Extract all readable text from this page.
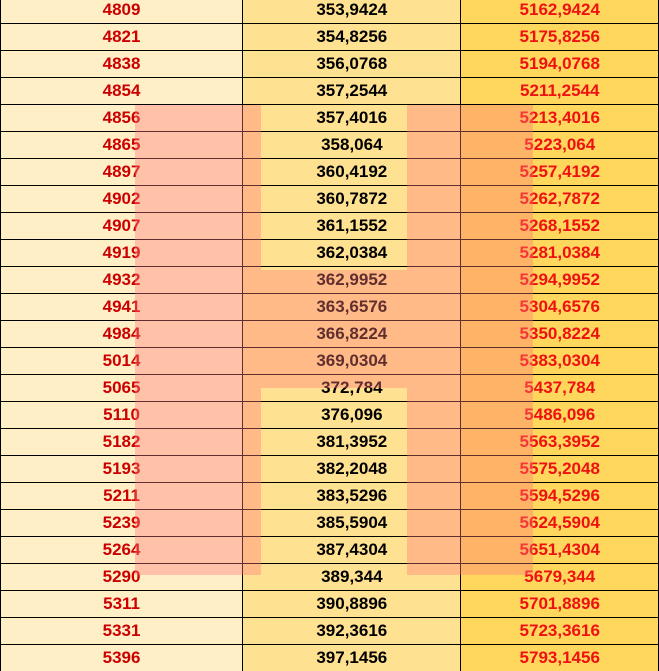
4809	353,9424	5162,9424
4821	354,8256	5175,8256
4838	356,0768	5194,0768
4854	357,2544	5211,2544
4856	357,4016	5213,4016
4865	358,064	5223,064
4897	360,4192	5257,4192
4902	360,7872	5262,7872
4907	361,1552	5268,1552
4919	362,0384	5281,0384
4932	362,9952	5294,9952
4941	363,6576	5304,6576
4984	366,8224	5350,8224
5014	369,0304	5383,0304
5065	372,784	5437,784
5110	376,096	5486,096
5182	381,3952	5563,3952
5193	382,2048	5575,2048
5211	383,5296	5594,5296
5239	385,5904	5624,5904
5264	387,4304	5651,4304
5290	389,344	5679,344
5311	390,8896	5701,8896
5331	392,3616	5723,3616
5396	397,1456	5793,1456
